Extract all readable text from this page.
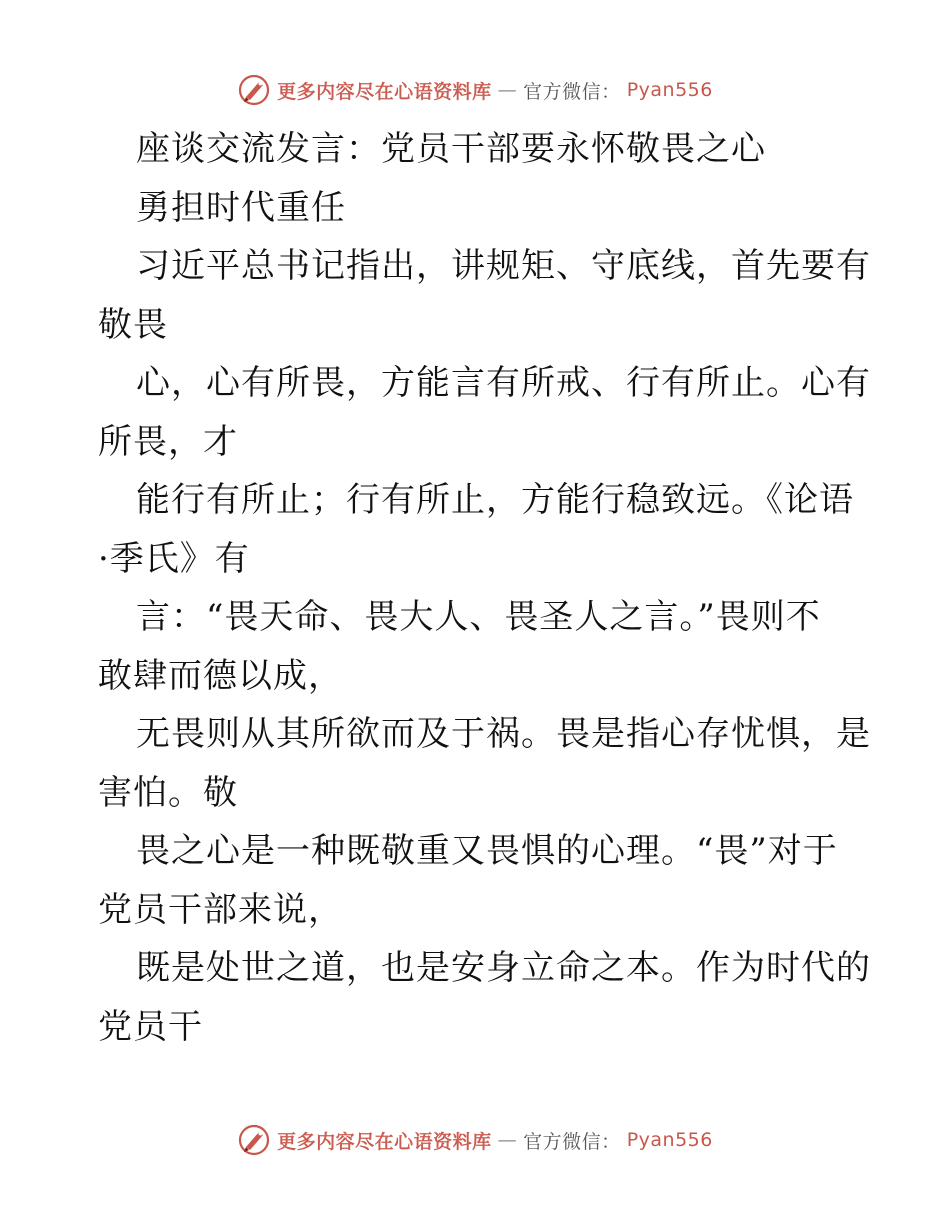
更多内容尽在心语资料库 — 官方微信： Pyan556
座谈交流发言：党员干部要永怀敬畏之心
勇担时代重任
习近平总书记指出，讲规矩、守底线，首先要有
敬畏
心，心有所畏，方能言有所戒、行有所止。心有
所畏，才
能行有所止；行有所止，方能行稳致远。《论语
·季氏》有
言：“畏天命、畏大人、畏圣人之言。”畏则不
敢肆而德以成，
无畏则从其所欲而及于祸。畏是指心存忧惧，是
害怕。敬
畏之心是一种既敬重又畏惧的心理。“畏”对于
党员干部来说，
既是处世之道，也是安身立命之本。作为时代的
党员干
更多内容尽在心语资料库 — 官方微信： Pyan556
